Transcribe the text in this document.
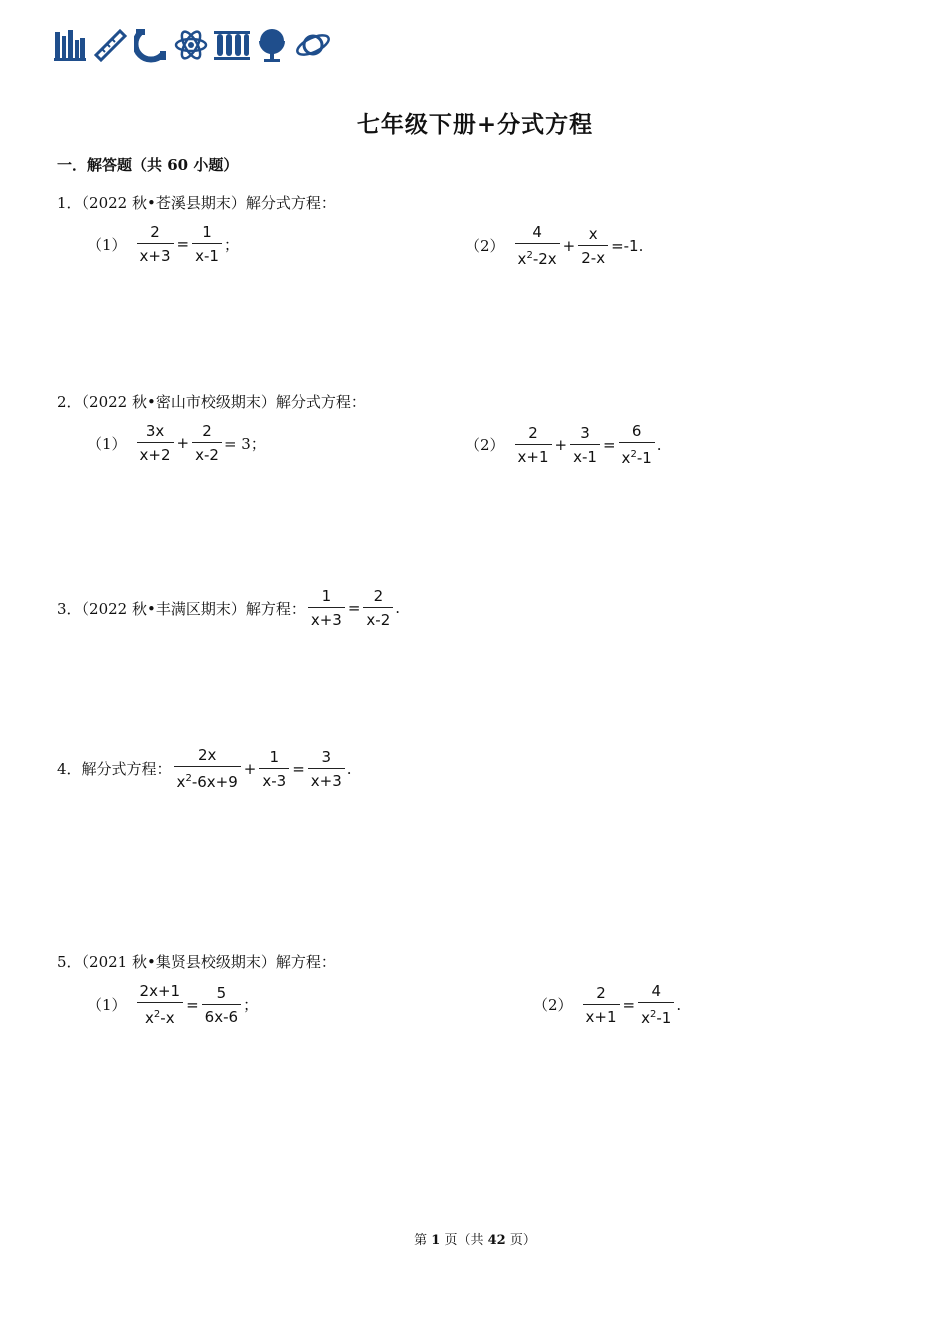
七年级下册+分式方程
一．解答题（共 60 小题）
1．（2022 秋•苍溪县期末）解分式方程：
$(1) \frac{2}{x+3} = \frac{1}{x-1}$ ；	$(2) \frac{4}{x^2-2x} + \frac{x}{2-x} =-1$.
2．（2022 秋•密山市校级期末）解分式方程：
$(1) \frac{3x}{x+2} + \frac{2}{x-2} = 3$；	$(2) \frac{2}{x+1} + \frac{3}{x-1} = \frac{6}{x^2-1}$ .
3．（2022 秋•丰满区期末）解方程： $\frac{1}{x+3} = \frac{2}{x-2}$ .
4．解分式方程： $\frac{2x}{x^2-6x+9} + \frac{1}{x-3} = \frac{3}{x+3}$ .
5．（2021 秋•集贤县校级期末）解方程：
$(1) \frac{2x+1}{x^2-x} = \frac{5}{6x-6}$ ；	$(2) \frac{2}{x+1} = \frac{4}{x^2-1}$ .
第 1 页（共 42 页）
